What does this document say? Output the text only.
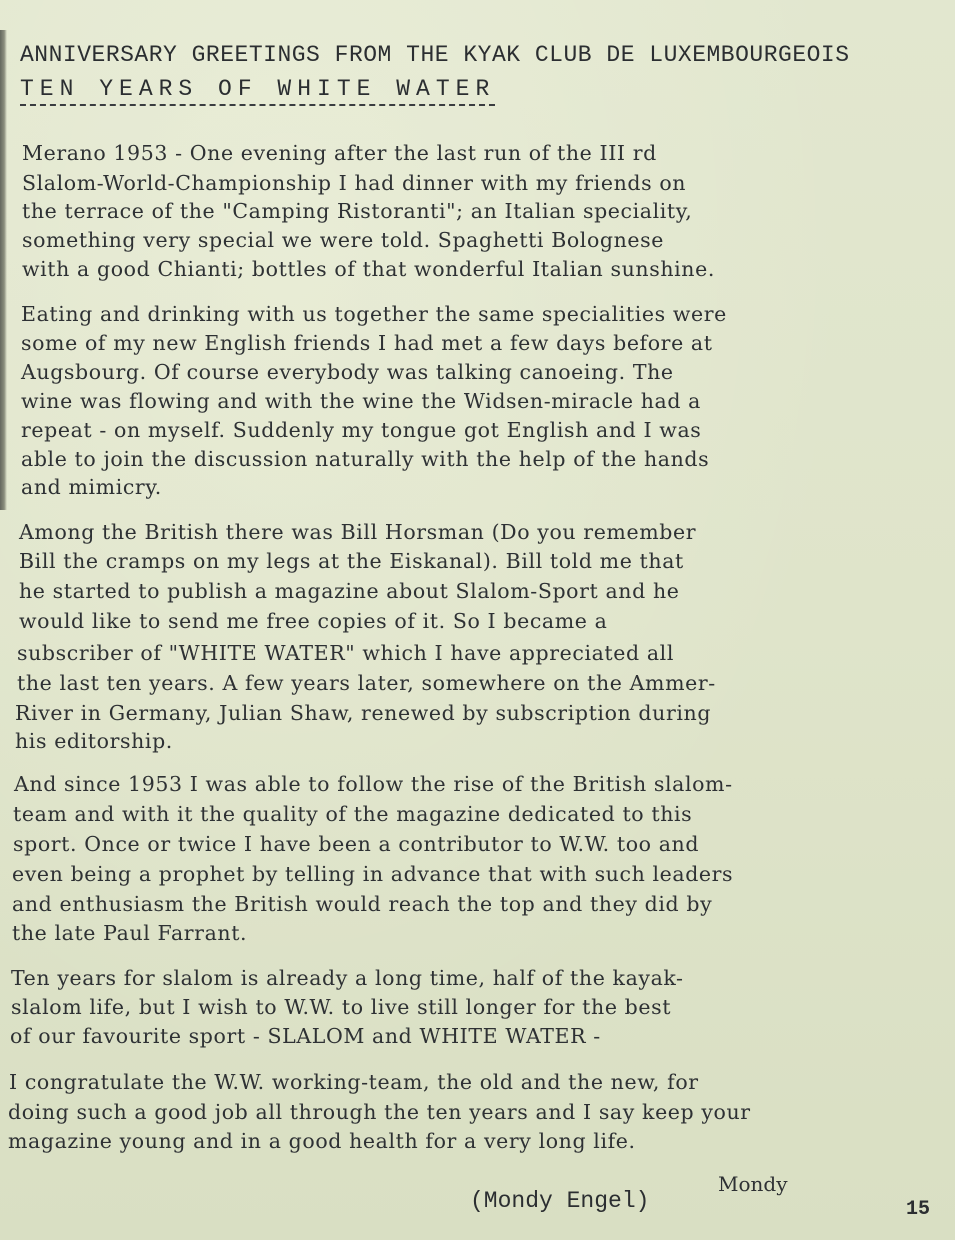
ANNIVERSARY GREETINGS FROM THE KYAK CLUB DE LUXEMBOURGEOIS
TEN YEARS OF WHITE WATER
Merano 1953 - One evening after the last run of the III rd
Slalom-World-Championship I had dinner with my friends on
the terrace of the "Camping Ristoranti"; an Italian speciality,
something very special we were told. Spaghetti Bolognese
with a good Chianti; bottles of that wonderful Italian sunshine.
Eating and drinking with us together the same specialities were
some of my new English friends I had met a few days before at
Augsbourg. Of course everybody was talking canoeing. The
wine was flowing and with the wine the Widsen-miracle had a
repeat - on myself. Suddenly my tongue got English and I was
able to join the discussion naturally with the help of the hands
and mimicry.
Among the British there was Bill Horsman (Do you remember
Bill the cramps on my legs at the Eiskanal). Bill told me that
he started to publish a magazine about Slalom-Sport and he
would like to send me free copies of it. So I became a
subscriber of "WHITE WATER" which I have appreciated all
the last ten years. A few years later, somewhere on the Ammer-
River in Germany, Julian Shaw, renewed by subscription during
his editorship.
And since 1953 I was able to follow the rise of the British slalom-
team and with it the quality of the magazine dedicated to this
sport. Once or twice I have been a contributor to W.W. too and
even being a prophet by telling in advance that with such leaders
and enthusiasm the British would reach the top and they did by
the late Paul Farrant.
Ten years for slalom is already a long time, half of the kayak-
slalom life, but I wish to W.W. to live still longer for the best
of our favourite sport - SLALOM and WHITE WATER -
I congratulate the W.W. working-team, the old and the new, for
doing such a good job all through the ten years and I say keep your
magazine young and in a good health for a very long life.
(Mondy Engel)
Mondy
15
